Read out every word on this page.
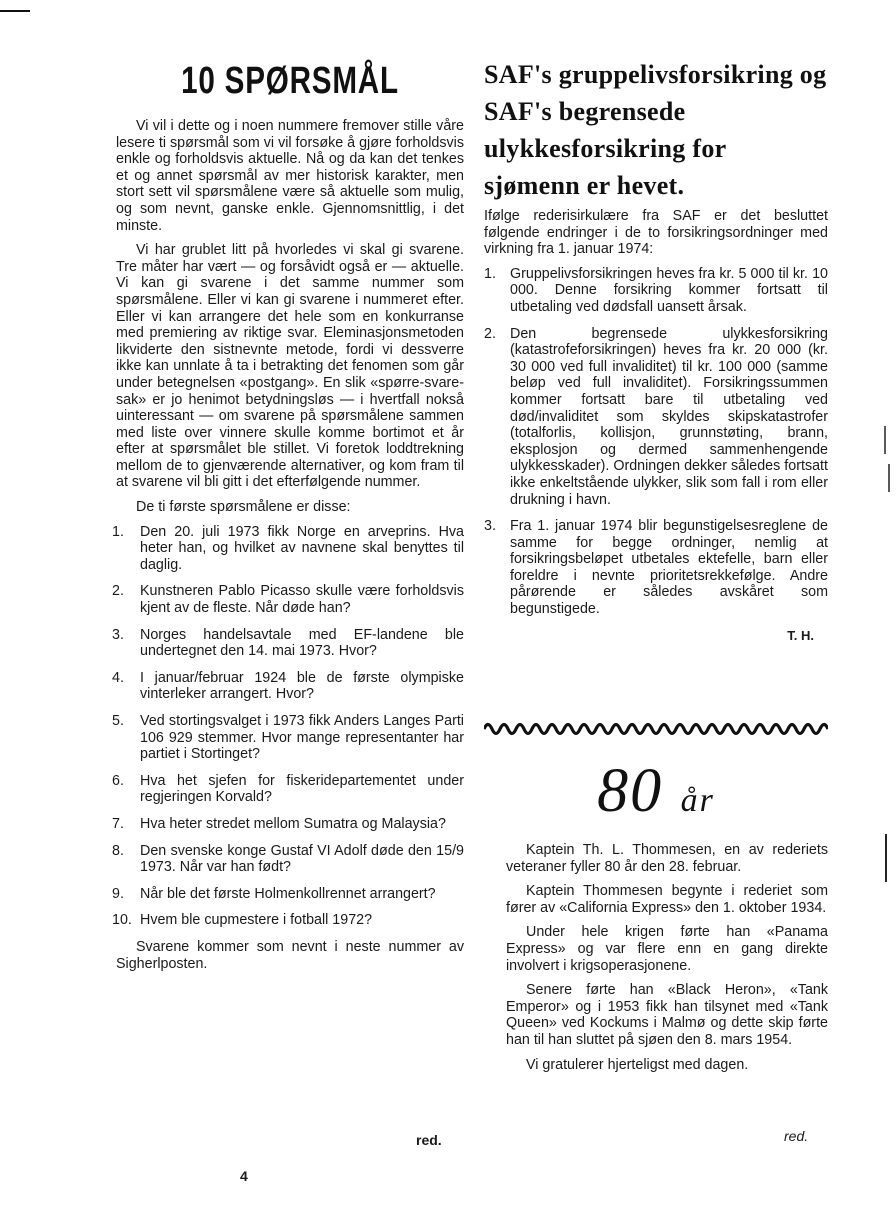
10 SPØRSMÅL

Vi vil i dette og i noen nummere fremover stille våre lesere ti spørsmål som vi vil forsøke å gjøre forholdsvis enkle og forholdsvis aktuelle. Nå og da kan det tenkes et og annet spørsmål av mer historisk karakter, men stort sett vil spørsmålene være så aktuelle som mulig, og som nevnt, ganske enkle. Gjennomsnittlig, i det minste.

Vi har grublet litt på hvorledes vi skal gi svarene. Tre måter har vært — og forsåvidt også er — aktuelle. Vi kan gi svarene i det samme nummer som spørsmålene. Eller vi kan gi svarene i nummeret efter. Eller vi kan arrangere det hele som en konkurranse med premiering av riktige svar. Eleminasjonsmetoden likviderte den sistnevnte metode, fordi vi dessverre ikke kan unnlate å ta i betrakting det fenomen som går under betegnelsen «postgang». En slik «spørre-svare-sak» er jo henimot betydningsløs — i hvertfall nokså uinteressant — om svarene på spørsmålene sammen med liste over vinnere skulle komme bortimot et år efter at spørsmålet ble stillet. Vi foretok loddtrekning mellom de to gjenværende alternativer, og kom fram til at svarene vil bli gitt i det efterfølgende nummer.

De ti første spørsmålene er disse:

1. Den 20. juli 1973 fikk Norge en arveprins. Hva heter han, og hvilket av navnene skal benyttes til daglig.
2. Kunstneren Pablo Picasso skulle være forholdsvis kjent av de fleste. Når døde han?
3. Norges handelsavtale med EF-landene ble undertegnet den 14. mai 1973. Hvor?
4. I januar/februar 1924 ble de første olympiske vinterleker arrangert. Hvor?
5. Ved stortingsvalget i 1973 fikk Anders Langes Parti 106 929 stemmer. Hvor mange representanter har partiet i Stortinget?
6. Hva het sjefen for fiskeridepartementet under regjeringen Korvald?
7. Hva heter stredet mellom Sumatra og Malaysia?
8. Den svenske konge Gustaf VI Adolf døde den 15/9 1973. Når var han født?
9. Når ble det første Holmenkollrennet arrangert?
10. Hvem ble cupmestere i fotball 1972?

Svarene kommer som nevnt i neste nummer av Sigherlposten.

red.
4
SAF's gruppelivsforsikring og SAF's begrensede ulykkesforsikring for sjømenn er hevet.

Ifølge rederisirkulære fra SAF er det besluttet følgende endringer i de to forsikringsordninger med virkning fra 1. januar 1974:

1. Gruppelivsforsikringen heves fra kr. 5 000 til kr. 10 000. Denne forsikring kommer fortsatt til utbetaling ved dødsfall uansett årsak.
2. Den begrensede ulykkesforsikring (katastrofeforsikringen) heves fra kr. 20 000 (kr. 30 000 ved full invaliditet) til kr. 100 000 (samme beløp ved full invaliditet). Forsikringssummen kommer fortsatt bare til utbetaling ved død/invaliditet som skyldes skipskatastrofer (totalforlis, kollisjon, grunnstøting, brann, eksplosjon og dermed sammenhengende ulykkesskader). Ordningen dekker således fortsatt ikke enkeltstående ulykker, slik som fall i rom eller drukning i havn.
3. Fra 1. januar 1974 blir begunstigelsesreglene de samme for begge ordninger, nemlig at forsikringsbeløpet utbetales ektefelle, barn eller foreldre i nevnte prioritetsrekkefølge. Andre pårørende er således avskåret som begunstigede.
T. H.
80 år

Kaptein Th. L. Thommesen, en av rederiets veteraner fyller 80 år den 28. februar.

Kaptein Thommesen begynte i rederiet som fører av «California Express» den 1. oktober 1934.

Under hele krigen førte han «Panama Express» og var flere enn en gang direkte involvert i krigsoperasjonene.

Senere førte han «Black Heron», «Tank Emperor» og i 1953 fikk han tilsynet med «Tank Queen» ved Kockums i Malmø og dette skip førte han til han sluttet på sjøen den 8. mars 1954.

Vi gratulerer hjerteligst med dagen.

red.
